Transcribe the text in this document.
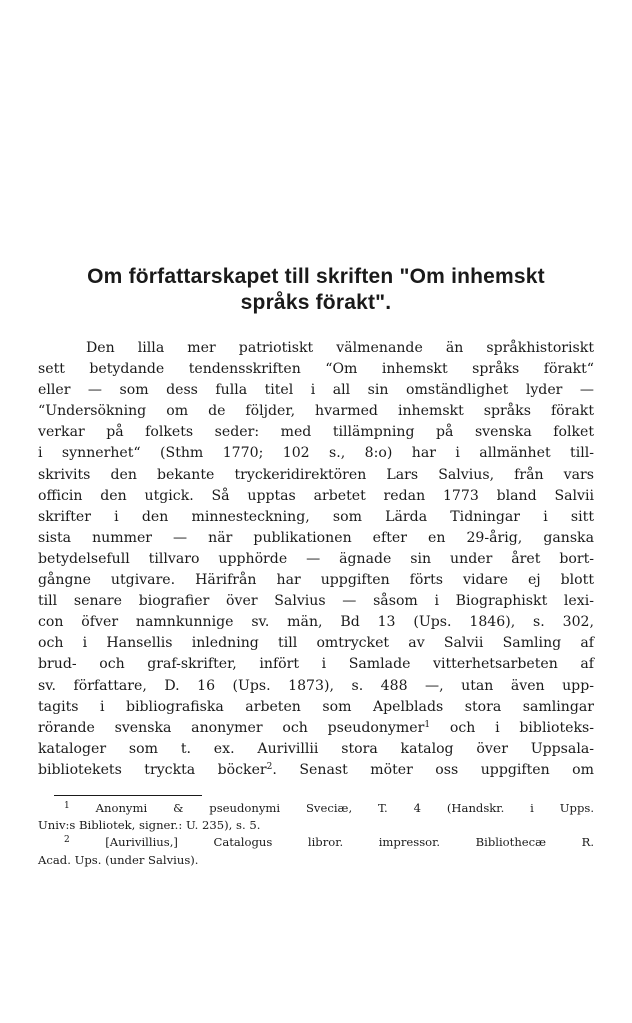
Om författarskapet till skriften "Om inhemskt
språks förakt".
Den lilla mer patriotiskt välmenande än språkhistoriskt
sett betydande tendensskriften “Om inhemskt språks förakt“
eller — som dess fulla titel i all sin omständlighet lyder —
“Undersökning om de följder, hvarmed inhemskt språks förakt
verkar på folkets seder: med tillämpning på svenska folket
i synnerhet“ (Sthm 1770; 102 s., 8:o) har i allmänhet till-
skrivits den bekante tryckeridirektören Lars Salvius, från vars
officin den utgick. Så upptas arbetet redan 1773 bland Salvii
skrifter i den minnesteckning, som Lärda Tidningar i sitt
sista nummer — när publikationen efter en 29-årig, ganska
betydelsefull tillvaro upphörde — ägnade sin under året bort-
gångne utgivare. Härifrån har uppgiften förts vidare ej blott
till senare biografier över Salvius — såsom i Biographiskt lexi-
con öfver namnkunnige sv. män, Bd 13 (Ups. 1846), s. 302,
och i Hansellis inledning till omtrycket av Salvii Samling af
brud- och graf-skrifter, infört i Samlade vitterhetsarbeten af
sv. författare, D. 16 (Ups. 1873), s. 488 —, utan även upp-
tagits i bibliografiska arbeten som Apelblads stora samlingar
rörande svenska anonymer och pseudonymer$^1$ och i biblioteks-
kataloger som t. ex. Aurivillii stora katalog över Uppsala-
bibliotekets tryckta böcker$^2$. Senast möter oss uppgiften om
$^1$ Anonymi & pseudonymi Sveciæ, T. 4 (Handskr. i Upps.
Univ:s Bibliotek, signer.: U. 235), s. 5.
$^2$	[Aurivillius,] Catalogus libror. impressor. Bibliothecæ R.
Acad. Ups. (under Salvius).
